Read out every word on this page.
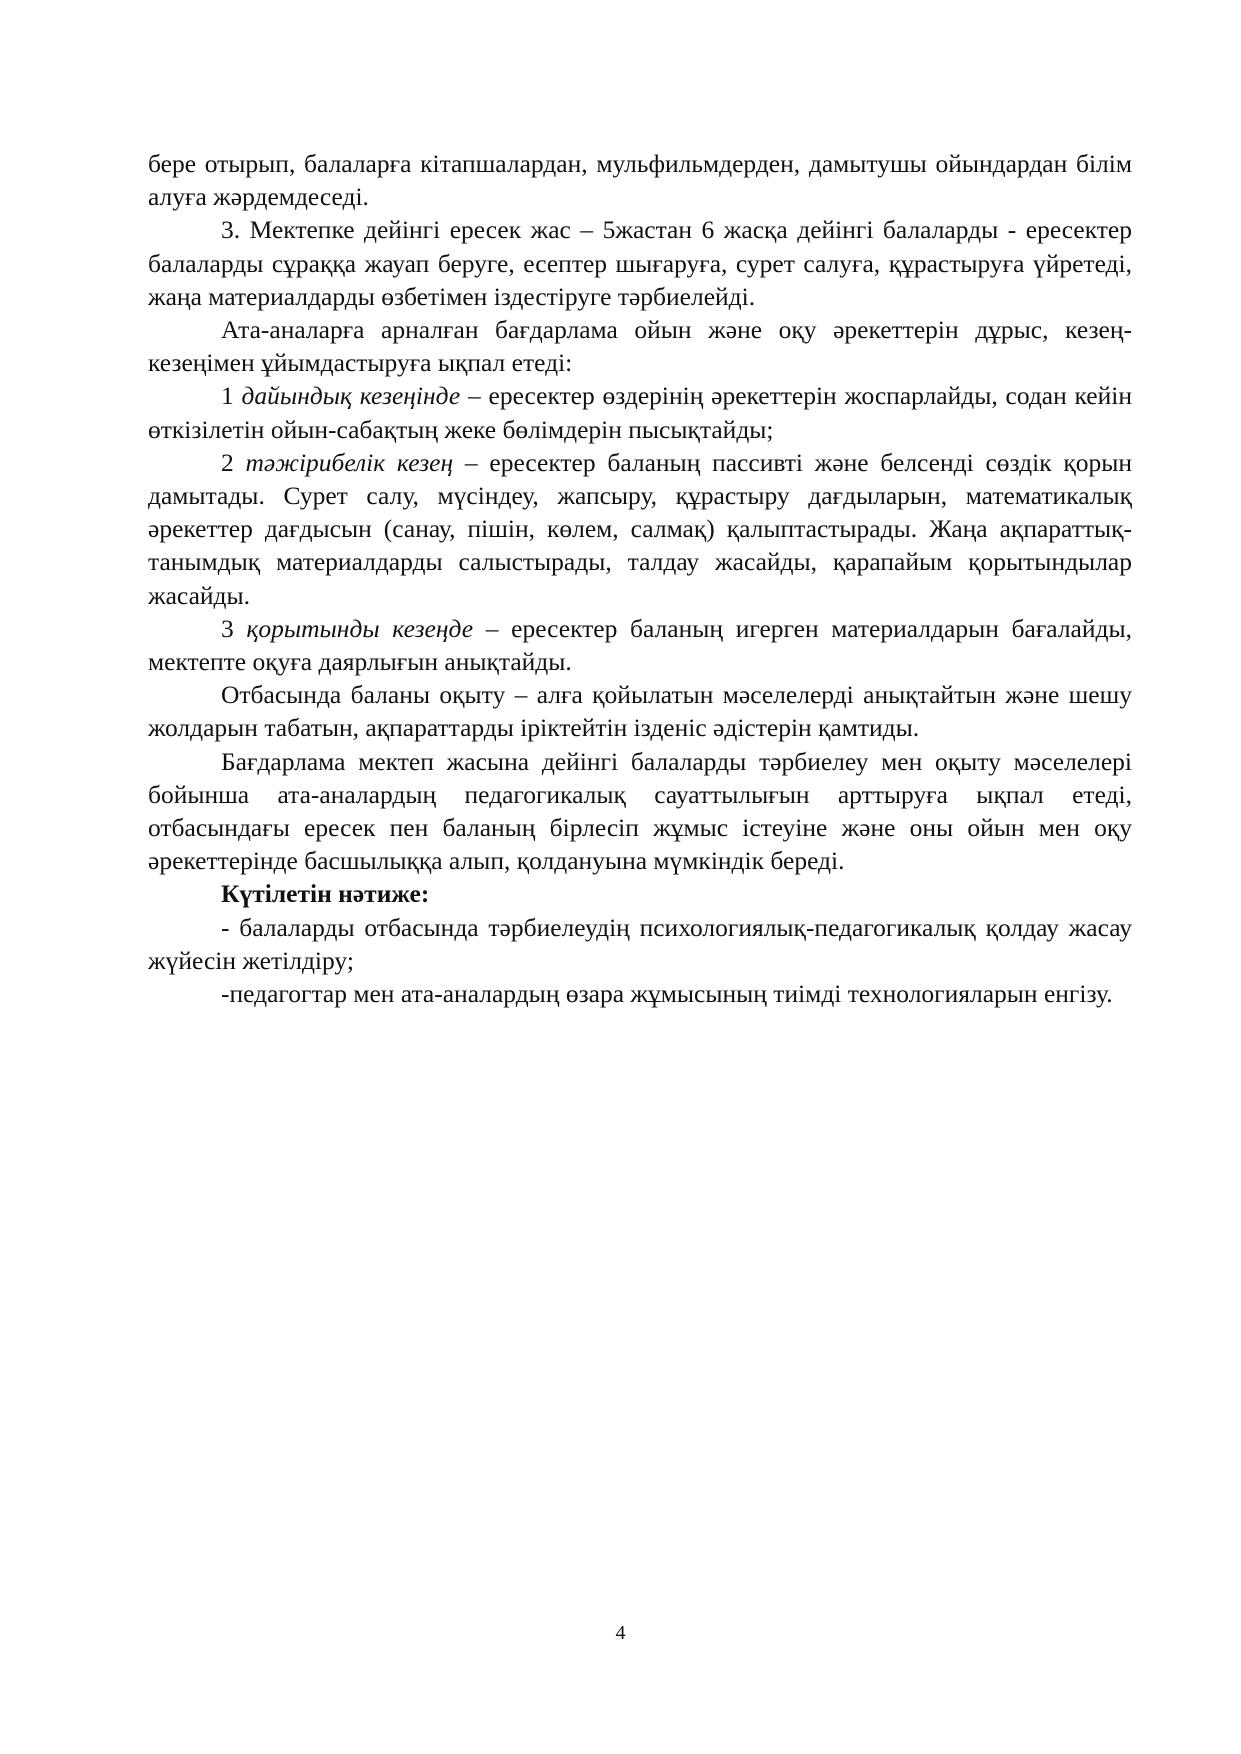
бере отырып, балаларға кітапшалардан, мульфильмдерден, дамытушы ойындардан білім алуға жәрдемдеседі.

3. Мектепке дейінгі ересек жас – 5жастан 6 жасқа дейінгі балаларды - ересектер балаларды сұраққа жауап беруге, есептер шығаруға, сурет салуға, құрастыруға үйретеді, жаңа материалдарды өзбетімен іздестіруге тәрбиелейді.

Ата-аналарға арналған бағдарлама ойын және оқу әрекеттерін дұрыс, кезең-кезеңімен ұйымдастыруға ықпал етеді:

1 дайындық кезеңінде – ересектер өздерінің әрекеттерін жоспарлайды, содан кейін өткізілетін ойын-сабақтың жеке бөлімдерін пысықтайды;

2 тәжірибелік кезең – ересектер баланың пассивті және белсенді сөздік қорын дамытады. Сурет салу, мүсіндеу, жапсыру, құрастыру дағдыларын, математикалық әрекеттер дағдысын (санау, пішін, көлем, салмақ) қалыптастырады. Жаңа ақпараттық-танымдық материалдарды салыстырады, талдау жасайды, қарапайым қорытындылар жасайды.

3 қорытынды кезеңде – ересектер баланың игерген материалдарын бағалайды, мектепте оқуға даярлығын анықтайды.

Отбасында баланы оқыту – алға қойылатын мәселелерді анықтайтын және шешу жолдарын табатын, ақпараттарды іріктейтін ізденіс әдістерін қамтиды.

Бағдарлама мектеп жасына дейінгі балаларды тәрбиелеу мен оқыту мәселелері бойынша ата-аналардың педагогикалық сауаттылығын арттыруға ықпал етеді, отбасындағы ересек пен баланың бірлесіп жұмыс істеуіне және оны ойын мен оқу әрекеттерінде басшылыққа алып, қолдануына мүмкіндік береді.

Күтілетін нәтиже:

- балаларды отбасында тәрбиелеудің психологиялық-педагогикалық қолдау жасау жүйесін жетілдіру;

-педагогтар мен ата-аналардың өзара жұмысының тиімді технологияларын енгізу.

4
